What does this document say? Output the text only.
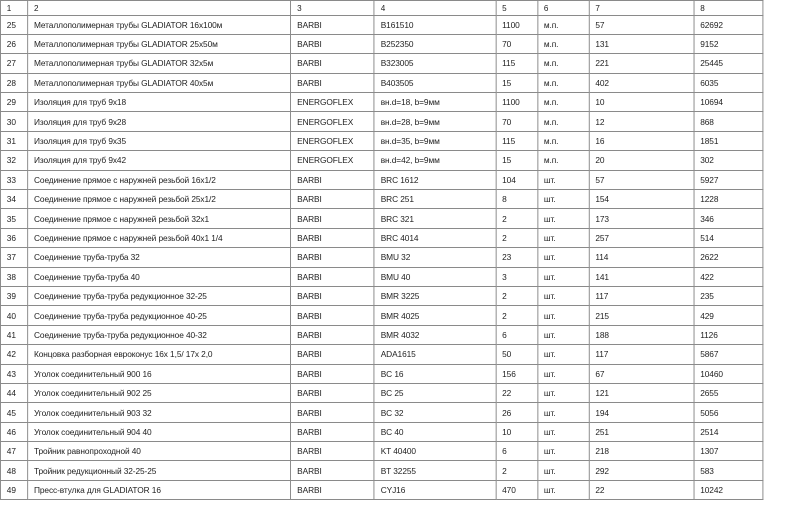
1	2	3	4	5	6	7	8
25	Металлополимерная трубы GLADIATOR 16x100м	BARBI	B161510	1100	м.п.	57	62692
26	Металлополимерная трубы GLADIATOR 25x50м	BARBI	B252350	70	м.п.	131	9152
27	Металлополимерная трубы GLADIATOR 32x5м	BARBI	B323005	115	м.п.	221	25445
28	Металлополимерная трубы GLADIATOR 40x5м	BARBI	B403505	15	м.п.	402	6035
29	Изоляция для труб 9x18	ENERGOFLEX	вн.d=18, b=9мм	1100	м.п.	10	10694
30	Изоляция для труб 9x28	ENERGOFLEX	вн.d=28, b=9мм	70	м.п.	12	868
31	Изоляция для труб 9x35	ENERGOFLEX	вн.d=35, b=9мм	115	м.п.	16	1851
32	Изоляция для труб 9x42	ENERGOFLEX	вн.d=42, b=9мм	15	м.п.	20	302
33	Соединение прямое с наружней резьбой 16x1/2	BARBI	BRC 1612	104	шт.	57	5927
34	Соединение прямое с наружней резьбой 25x1/2	BARBI	BRC 251	8	шт.	154	1228
35	Соединение прямое с наружней резьбой 32x1	BARBI	BRC 321	2	шт.	173	346
36	Соединение прямое с наружней резьбой 40x1 1/4	BARBI	BRC 4014	2	шт.	257	514
37	Соединение труба-труба 32	BARBI	BMU 32	23	шт.	114	2622
38	Соединение труба-труба 40	BARBI	BMU 40	3	шт.	141	422
39	Соединение труба-труба редукционное 32-25	BARBI	BMR 3225	2	шт.	117	235
40	Соединение труба-труба редукционное 40-25	BARBI	BMR 4025	2	шт.	215	429
41	Соединение труба-труба редукционное 40-32	BARBI	BMR 4032	6	шт.	188	1126
42	Концовка разборная евроконус 16x 1,5/ 17x 2,0	BARBI	ADA1615	50	шт.	117	5867
43	Уголок соединительный 900 16	BARBI	BC 16	156	шт.	67	10460
44	Уголок соединительный 902 25	BARBI	BC 25	22	шт.	121	2655
45	Уголок соединительный 903 32	BARBI	BC 32	26	шт.	194	5056
46	Уголок соединительный 904 40	BARBI	BC 40	10	шт.	251	2514
47	Тройник равнопроходной 40	BARBI	KT 40400	6	шт.	218	1307
48	Тройник редукционный 32-25-25	BARBI	BT 32255	2	шт.	292	583
49	Пресс-втулка для GLADIATOR 16	BARBI	CYJ16	470	шт.	22	10242
